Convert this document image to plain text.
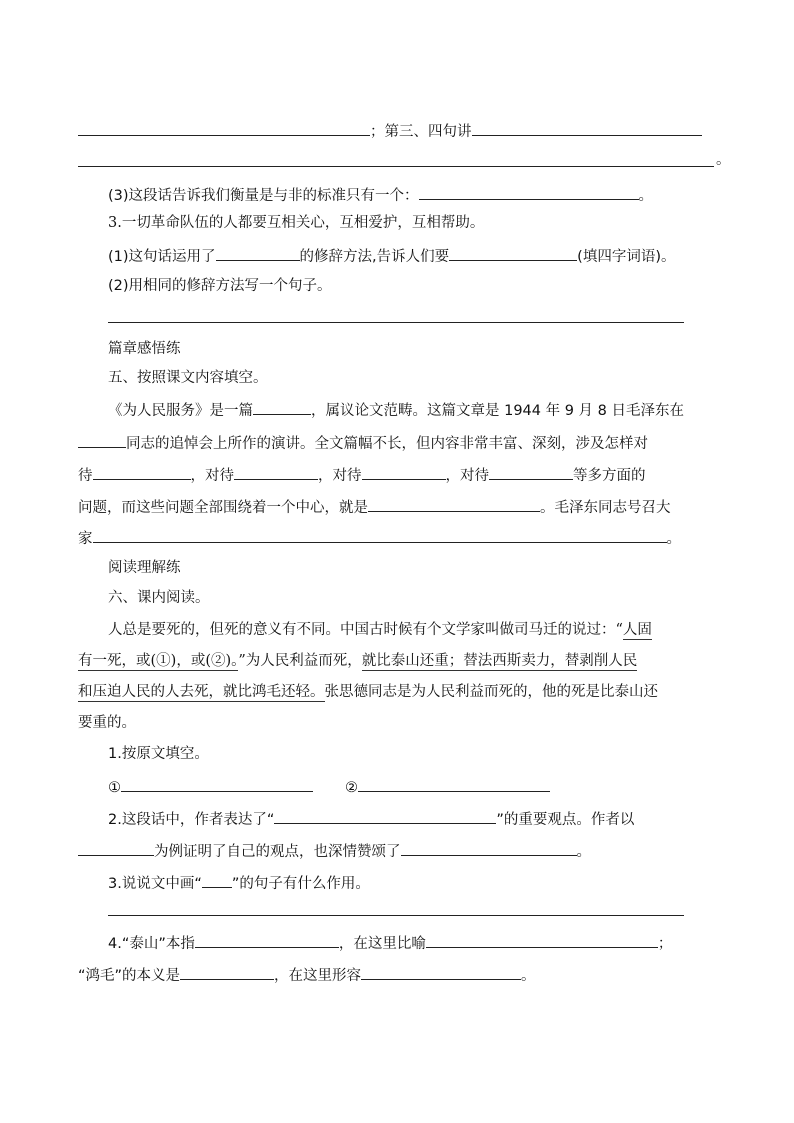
；第三、四句讲
。
(3)这段话告诉我们衡量是与非的标准只有一个：	。
3.一切革命队伍的人都要互相关心，互相爱护，互相帮助。
(1)这句话运用了	的修辞方法,告诉人们要	(填四字词语)。
(2)用相同的修辞方法写一个句子。
篇章感悟练
五、按照课文内容填空。
《为人民服务》是一篇	，属议论文范畴。这篇文章是 1944 年 9 月 8 日毛泽东在
同志的追悼会上所作的演讲。全文篇幅不长，但内容非常丰富、深刻，涉及怎样对
待	，对待	，对待	，对待	等多方面的
问题，而这些问题全部围绕着一个中心，就是	。毛泽东同志号召大
家	。
阅读理解练
六、课内阅读。
人总是要死的，但死的意义有不同。中国古时候有个文学家叫做司马迁的说过：“人固
有一死，或(①)，或(②)。”为人民利益而死，就比泰山还重；替法西斯卖力，替剥削人民
和压迫人民的人去死，就比鸿毛还轻。张思德同志是为人民利益而死的，他的死是比泰山还
要重的。
1.按原文填空。
①	②
2.这段话中，作者表达了“	”的重要观点。作者以
为例证明了自己的观点，也深情赞颂了	。
3.说说文中画“ ”的句子有什么作用。
4.“泰山”本指	，在这里比喻	；
“鸿毛”的本义是	，在这里形容	。
